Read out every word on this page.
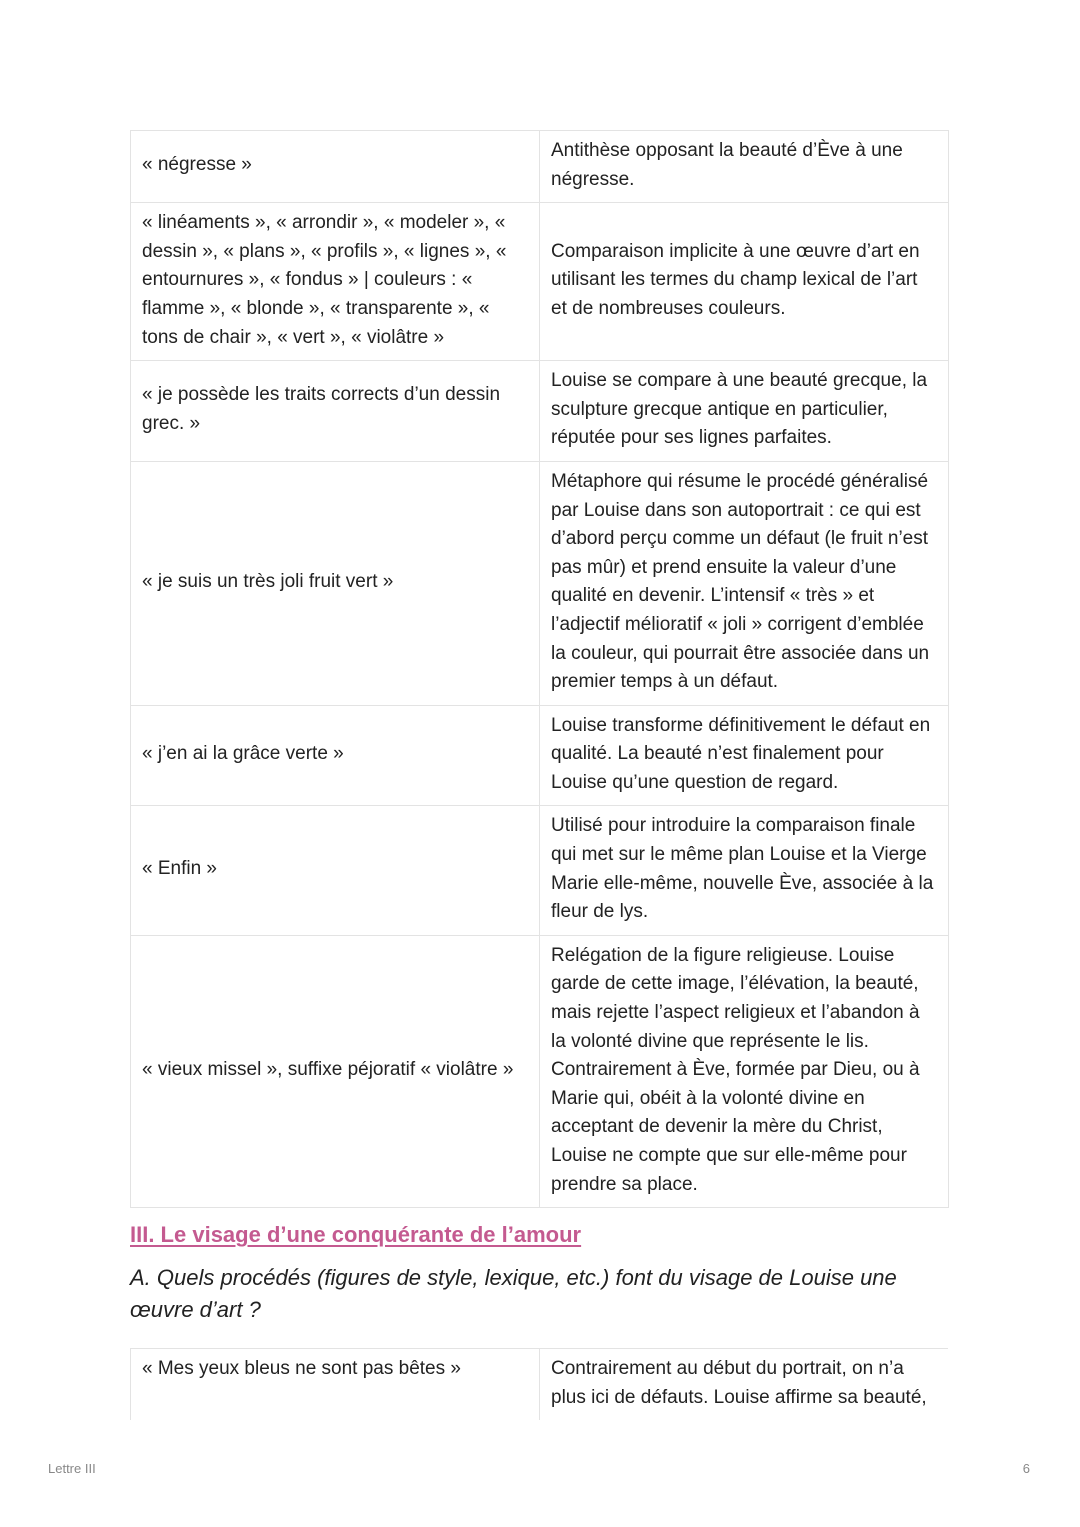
« négresse »	Antithèse opposant la beauté d’Ève à une négresse.
« linéaments », « arrondir », « modeler », « dessin », « plans », « profils », « lignes », « entournures », « fondus » | couleurs : « flamme », « blonde », « transparente », « tons de chair », « vert », « violâtre »	Comparaison implicite à une œuvre d’art en utilisant les termes du champ lexical de l’art et de nombreuses couleurs.
« je possède les traits corrects d’un dessin grec. »	Louise se compare à une beauté grecque, la sculpture grecque antique en particulier, réputée pour ses lignes parfaites.
« je suis un très joli fruit vert »	Métaphore qui résume le procédé généralisé par Louise dans son autoportrait : ce qui est d’abord perçu comme un défaut (le fruit n’est pas mûr) et prend ensuite la valeur d’une qualité en devenir. L’intensif « très » et l’adjectif mélioratif « joli » corrigent d’emblée la couleur, qui pourrait être associée dans un premier temps à un défaut.
« j’en ai la grâce verte »	Louise transforme définitivement le défaut en qualité. La beauté n’est finalement pour Louise qu’une question de regard.
« Enfin »	Utilisé pour introduire la comparaison finale qui met sur le même plan Louise et la Vierge Marie elle-même, nouvelle Ève, associée à la fleur de lys.
« vieux missel », suffixe péjoratif « violâtre »	Relégation de la figure religieuse. Louise garde de cette image, l’élévation, la beauté, mais rejette l’aspect religieux et l’abandon à la volonté divine que représente le lis. Contrairement à Ève, formée par Dieu, ou à Marie qui, obéit à la volonté divine en acceptant de devenir la mère du Christ, Louise ne compte que sur elle-même pour prendre sa place.
III. Le visage d’une conquérante de l’amour
A. Quels procédés (figures de style, lexique, etc.) font du visage de Louise une œuvre d’art ?
« Mes yeux bleus ne sont pas bêtes »	Contrairement au début du portrait, on n’a plus ici de défauts. Louise affirme sa beauté,
Lettre III	6
